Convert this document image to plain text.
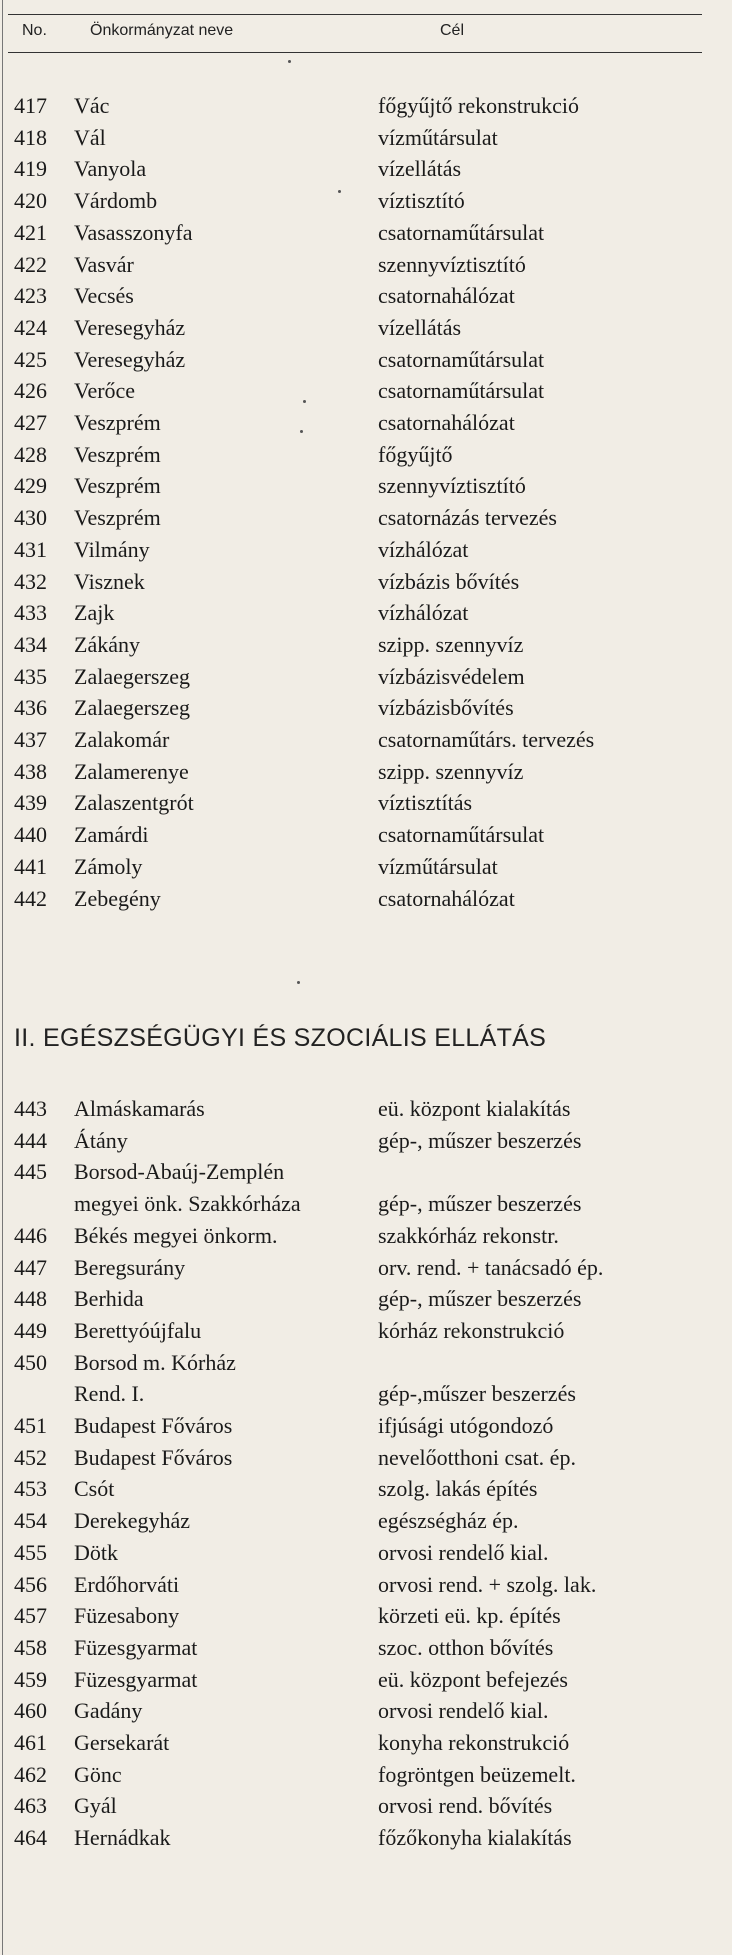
No.	Önkormányzat neve	Cél
417	Vác	főgyűjtő rekonstrukció
418	Vál	vízműtársulat
419	Vanyola	vízellátás
420	Várdomb	víztisztító
421	Vasasszonyfa	csatornaműtársulat
422	Vasvár	szennyvíztisztító
423	Vecsés	csatornahálózat
424	Veresegyház	vízellátás
425	Veresegyház	csatornaműtársulat
426	Verőce	csatornaműtársulat
427	Veszprém	csatornahálózat
428	Veszprém	főgyűjtő
429	Veszprém	szennyvíztisztító
430	Veszprém	csatornázás tervezés
431	Vilmány	vízhálózat
432	Visznek	vízbázis bővítés
433	Zajk	vízhálózat
434	Zákány	szipp. szennyvíz
435	Zalaegerszeg	vízbázisvédelem
436	Zalaegerszeg	vízbázisbővítés
437	Zalakomár	csatornaműtárs. tervezés
438	Zalamerenye	szipp. szennyvíz
439	Zalaszentgrót	víztisztítás
440	Zamárdi	csatornaműtársulat
441	Zámoly	vízműtársulat
442	Zebegény	csatornahálózat
II. EGÉSZSÉGÜGYI ÉS SZOCIÁLIS ELLÁTÁS
443	Almáskamarás	eü. központ kialakítás
444	Átány	gép-, műszer beszerzés
445	Borsod-Abaúj-Zemplén
megyei önk. Szakkórháza	gép-, műszer beszerzés
446	Békés megyei önkorm.	szakkórház rekonstr.
447	Beregsurány	orv. rend. + tanácsadó ép.
448	Berhida	gép-, műszer beszerzés
449	Berettyóújfalu	kórház rekonstrukció
450	Borsod m. Kórház
Rend. I.	gép-,műszer beszerzés
451	Budapest Főváros	ifjúsági utógondozó
452	Budapest Főváros	nevelőotthoni csat. ép.
453	Csót	szolg. lakás építés
454	Derekegyház	egészségház ép.
455	Dötk	orvosi rendelő kial.
456	Erdőhorváti	orvosi rend. + szolg. lak.
457	Füzesabony	körzeti eü. kp. építés
458	Füzesgyarmat	szoc. otthon bővítés
459	Füzesgyarmat	eü. központ befejezés
460	Gadány	orvosi rendelő kial.
461	Gersekarát	konyha rekonstrukció
462	Gönc	fogröntgen beüzemelt.
463	Gyál	orvosi rend. bővítés
464	Hernádkak	főzőkonyha kialakítás
